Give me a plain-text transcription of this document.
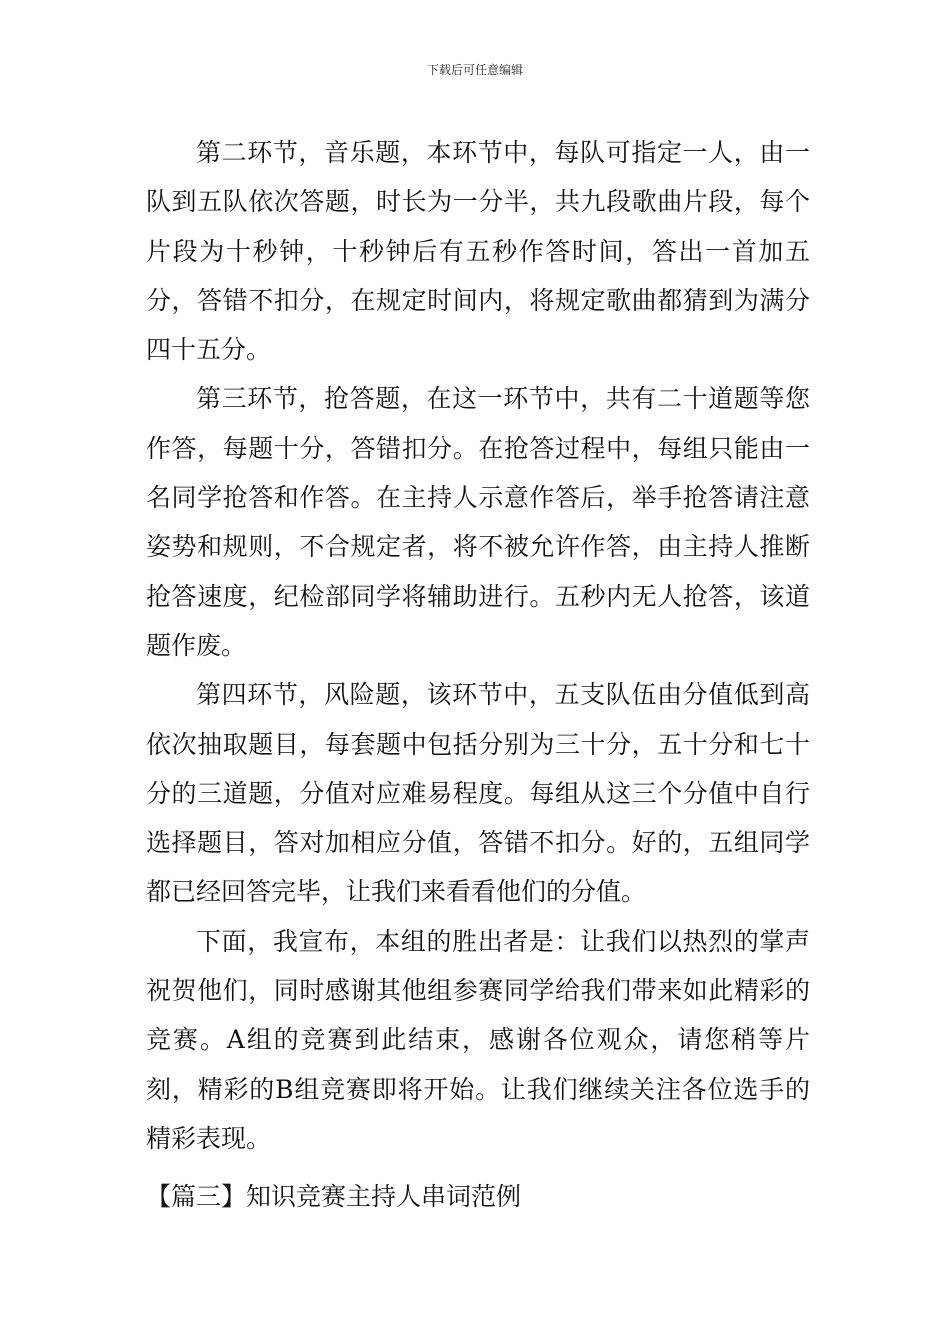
下载后可任意编辑

第二环节，音乐题，本环节中，每队可指定一人，由一队到五队依次答题，时长为一分半，共九段歌曲片段，每个片段为十秒钟，十秒钟后有五秒作答时间，答出一首加五分，答错不扣分，在规定时间内，将规定歌曲都猜到为满分四十五分。

第三环节，抢答题，在这一环节中，共有二十道题等您作答，每题十分，答错扣分。在抢答过程中，每组只能由一名同学抢答和作答。在主持人示意作答后，举手抢答请注意姿势和规则，不合规定者，将不被允许作答，由主持人推断抢答速度，纪检部同学将辅助进行。五秒内无人抢答，该道题作废。

第四环节，风险题，该环节中，五支队伍由分值低到高依次抽取题目，每套题中包括分别为三十分，五十分和七十分的三道题，分值对应难易程度。每组从这三个分值中自行选择题目，答对加相应分值，答错不扣分。好的，五组同学都已经回答完毕，让我们来看看他们的分值。

下面，我宣布，本组的胜出者是：让我们以热烈的掌声祝贺他们，同时感谢其他组参赛同学给我们带来如此精彩的竞赛。A组的竞赛到此结束，感谢各位观众，请您稍等片刻，精彩的B组竞赛即将开始。让我们继续关注各位选手的精彩表现。

【篇三】知识竞赛主持人串词范例
